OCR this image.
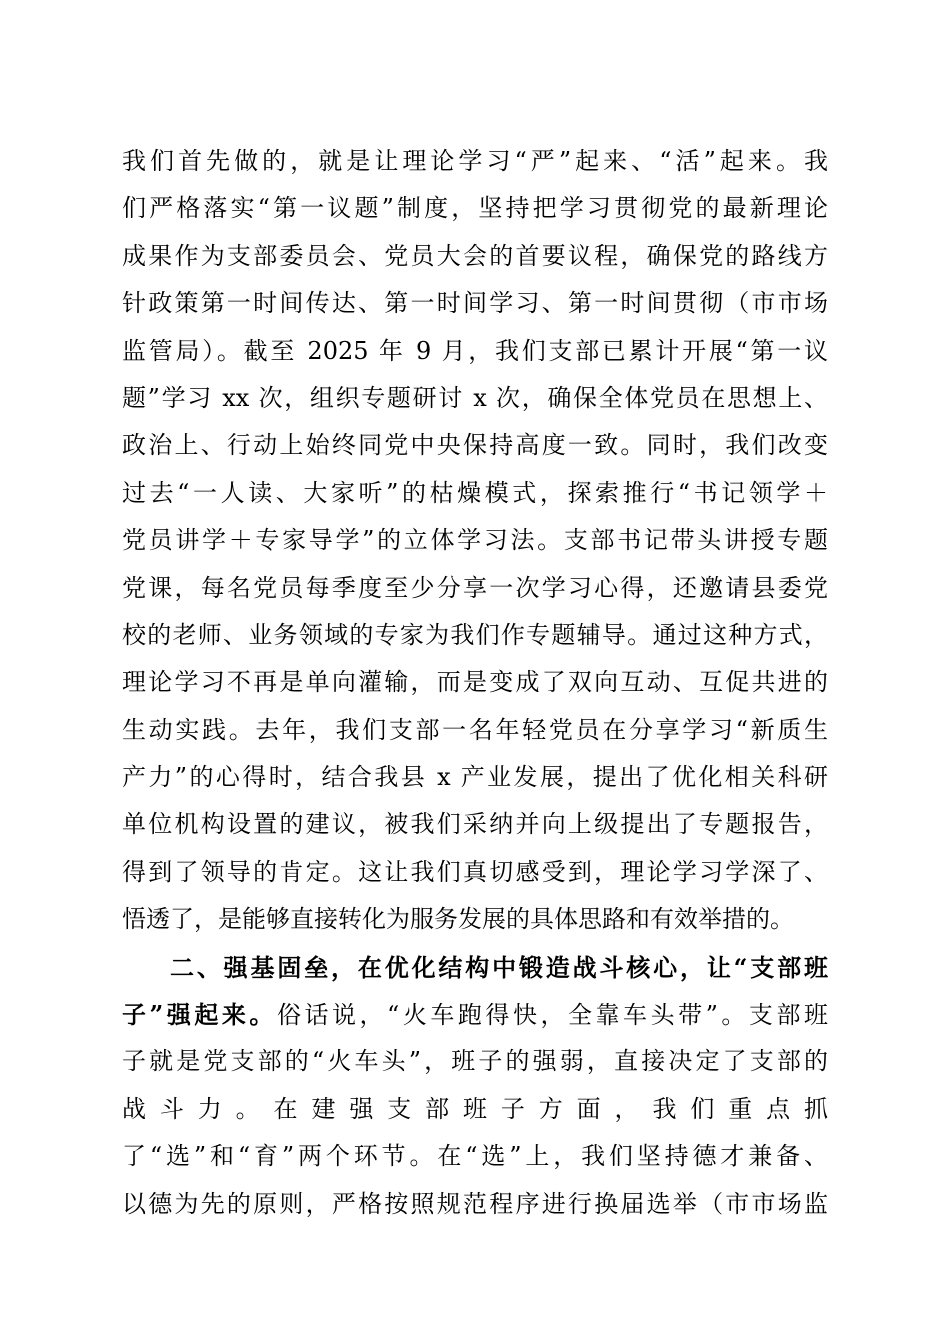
我们首先做的，就是让理论学习“严”起来、“活”起来。我
们严格落实“第一议题”制度，坚持把学习贯彻党的最新理论
成果作为支部委员会、党员大会的首要议程，确保党的路线方
针政策第一时间传达、第一时间学习、第一时间贯彻（市市场
监管局）。截至 2025 年 9 月，我们支部已累计开展“第一议
题”学习 xx 次，组织专题研讨 x 次，确保全体党员在思想上、
政治上、行动上始终同党中央保持高度一致。同时，我们改变
过去“一人读、大家听”的枯燥模式，探索推行“书记领学＋
党员讲学＋专家导学”的立体学习法。支部书记带头讲授专题
党课，每名党员每季度至少分享一次学习心得，还邀请县委党
校的老师、业务领域的专家为我们作专题辅导。通过这种方式，
理论学习不再是单向灌输，而是变成了双向互动、互促共进的
生动实践。去年，我们支部一名年轻党员在分享学习“新质生
产力”的心得时，结合我县 x 产业发展，提出了优化相关科研
单位机构设置的建议，被我们采纳并向上级提出了专题报告，
得到了领导的肯定。这让我们真切感受到，理论学习学深了、
悟透了，是能够直接转化为服务发展的具体思路和有效举措的。
二、强基固垒，在优化结构中锻造战斗核心，让“支部班
子”强起来。俗话说，“火车跑得快，全靠车头带”。支部班
子就是党支部的“火车头”，班子的强弱，直接决定了支部的
战斗力。在建强支部班子方面，我们重点抓
了“选”和“育”两个环节。在“选”上，我们坚持德才兼备、
以德为先的原则，严格按照规范程序进行换届选举（市市场监
